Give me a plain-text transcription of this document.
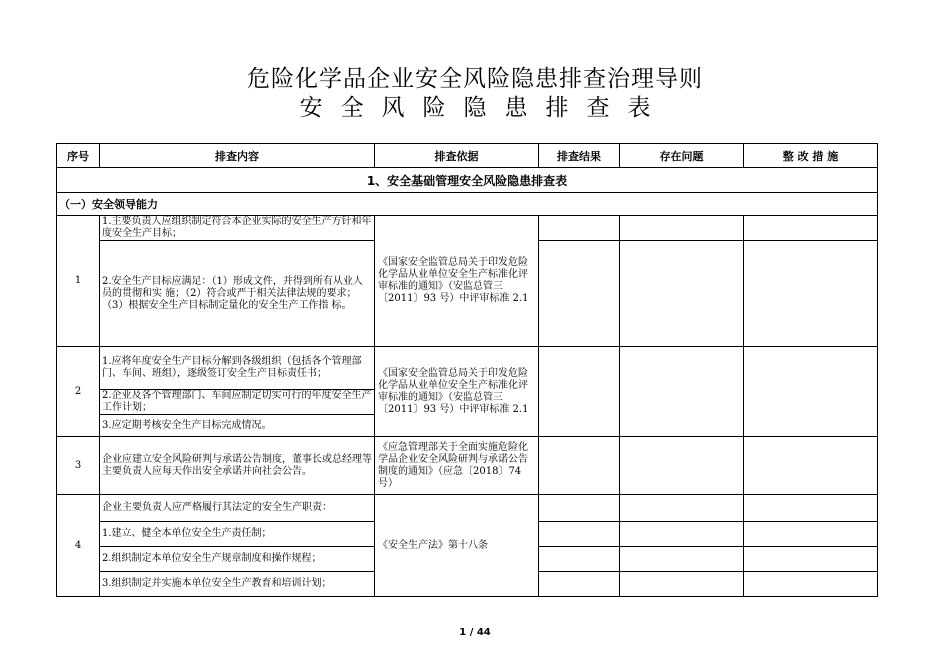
危险化学品企业安全风险隐患排查治理导则
安全风险隐患排查表
序号	排查内容	排查依据	排查结果	存在问题	整 改 措 施
1、安全基础管理安全风险隐患排查表					
（一）安全领导能力					
1	1.主要负责人应组织制定符合本企业实际的安全生产方针和年度安全生产目标；	《国家安全监管总局关于印发危险化学品从业单位安全生产标准化评审标准的通知》（安监总管三〔2011〕93 号）中评审标准 2.1			

	2.安全生产目标应满足：（1）形成文件，并得到所有从业人员的贯彻和实 施；（2）符合或严于相关法律法规的要求；（3）根据安全生产目标制定量化的安全生产工作指 标。				
2	1.应将年度安全生产目标分解到各级组织（包括各个管理部门、车间、班组），逐级签订安全生产目标责任书；	《国家安全监管总局关于印发危险化学品从业单位安全生产标准化评审标准的通知》（安监总管三〔2011〕93 号）中评审标准 2.1			

	2.企业及各个管理部门、车间应制定切实可行的年度安全生产工作计划；				
	3.应定期考核安全生产目标完成情况。				
3	企业应建立安全风险研判与承诺公告制度，董事长或总经理等主要负责人应每天作出安全承诺并向社会公告。	《应急管理部关于全面实施危险化学品企业安全风险研判与承诺公告制度的通知》（应急〔2018〕74号）			

4	企业主要负责人应严格履行其法定的安全生产职责：	《安全生产法》第十八条			

	1.建立、健全本单位安全生产责任制；				
	2.组织制定本单位安全生产规章制度和操作规程；				
	3.组织制定并实施本单位安全生产教育和培训计划；				
1 / 44
